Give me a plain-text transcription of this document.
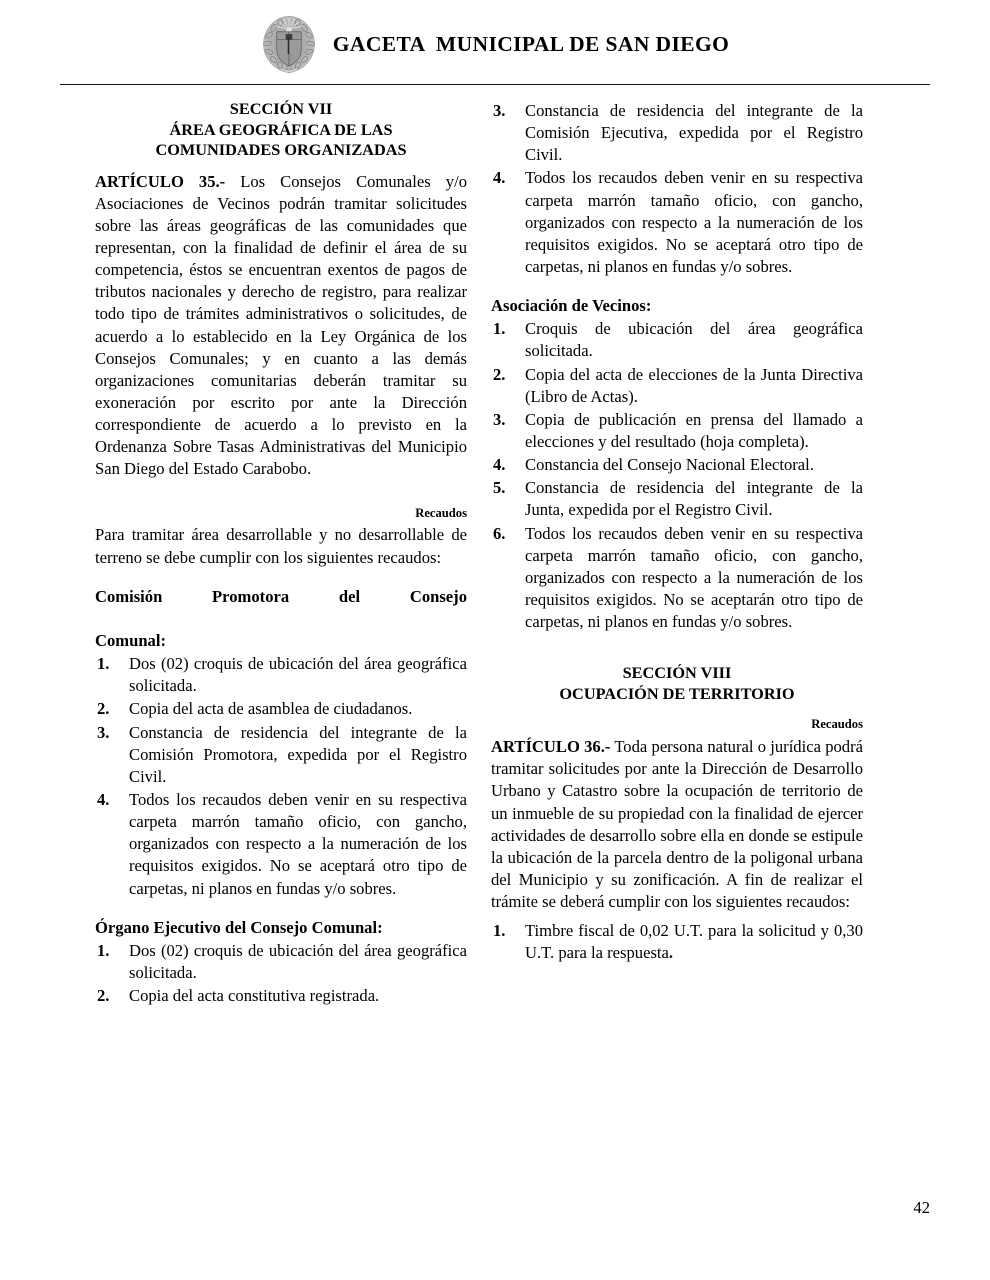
GACETA  MUNICIPAL DE SAN DIEGO
SECCIÓN VII
ÁREA GEOGRÁFICA DE LAS
COMUNIDADES ORGANIZADAS

ARTÍCULO 35.- Los Consejos Comunales y/o Asociaciones de Vecinos podrán tramitar solicitudes sobre las áreas geográficas de las comunidades que representan, con la finalidad de definir el área de su competencia, éstos se encuentran exentos de pagos de tributos nacionales y derecho de registro, para realizar todo tipo de trámites administrativos o solicitudes, de acuerdo a lo establecido en la Ley Orgánica de los Consejos Comunales; y en cuanto a las demás organizaciones comunitarias deberán tramitar su exoneración por escrito por ante la Dirección correspondiente de acuerdo a lo previsto en la Ordenanza Sobre Tasas Administrativas del Municipio San Diego del Estado Carabobo.

Recaudos

Para tramitar área desarrollable y no desarrollable de terreno se debe cumplir con los siguientes recaudos:

Comisión Promotora del Consejo
Comunal:
1.	Dos (02) croquis de ubicación del área geográfica solicitada.
2.	Copia del acta de asamblea de ciudadanos.
3.	Constancia de residencia del integrante de la Comisión Promotora, expedida por el Registro Civil.
4.	Todos los recaudos deben venir en su respectiva carpeta marrón tamaño oficio, con gancho, organizados con respecto a la numeración de los requisitos exigidos. No se aceptará otro tipo de carpetas, ni planos en fundas y/o sobres.
Órgano Ejecutivo del Consejo Comunal:
1.	Dos (02) croquis de ubicación del área geográfica solicitada.
2.	Copia del acta constitutiva registrada.
3.	Constancia de residencia del integrante de la Comisión Ejecutiva, expedida por el Registro Civil.
4.	Todos los recaudos deben venir en su respectiva carpeta marrón tamaño oficio, con gancho, organizados con respecto a la numeración de los requisitos exigidos. No se aceptará otro tipo de carpetas, ni planos en fundas y/o sobres.
Asociación de Vecinos:
1.	Croquis de ubicación del área geográfica solicitada.
2.	Copia del acta de elecciones de la Junta Directiva (Libro de Actas).
3.	Copia de publicación en prensa del llamado a elecciones y del resultado (hoja completa).
4.	Constancia del Consejo Nacional Electoral.
5.	Constancia de residencia del integrante de la Junta, expedida por el Registro Civil.
6.	Todos los recaudos deben venir en su respectiva carpeta marrón tamaño oficio, con gancho, organizados con respecto a la numeración de los requisitos exigidos. No se aceptarán otro tipo de carpetas, ni planos en fundas y/o sobres.
SECCIÓN VIII
OCUPACIÓN DE TERRITORIO

Recaudos

ARTÍCULO 36.- Toda persona natural o jurídica podrá tramitar solicitudes por ante la Dirección de Desarrollo Urbano y Catastro sobre la ocupación de territorio de un inmueble de su propiedad con la finalidad de ejercer actividades de desarrollo sobre ella en donde se estipule la ubicación de la parcela dentro de la poligonal urbana del Municipio y su zonificación. A fin de realizar el trámite se deberá cumplir con los siguientes recaudos:

1.	Timbre fiscal de 0,02 U.T. para la solicitud y 0,30 U.T. para la respuesta.
42
